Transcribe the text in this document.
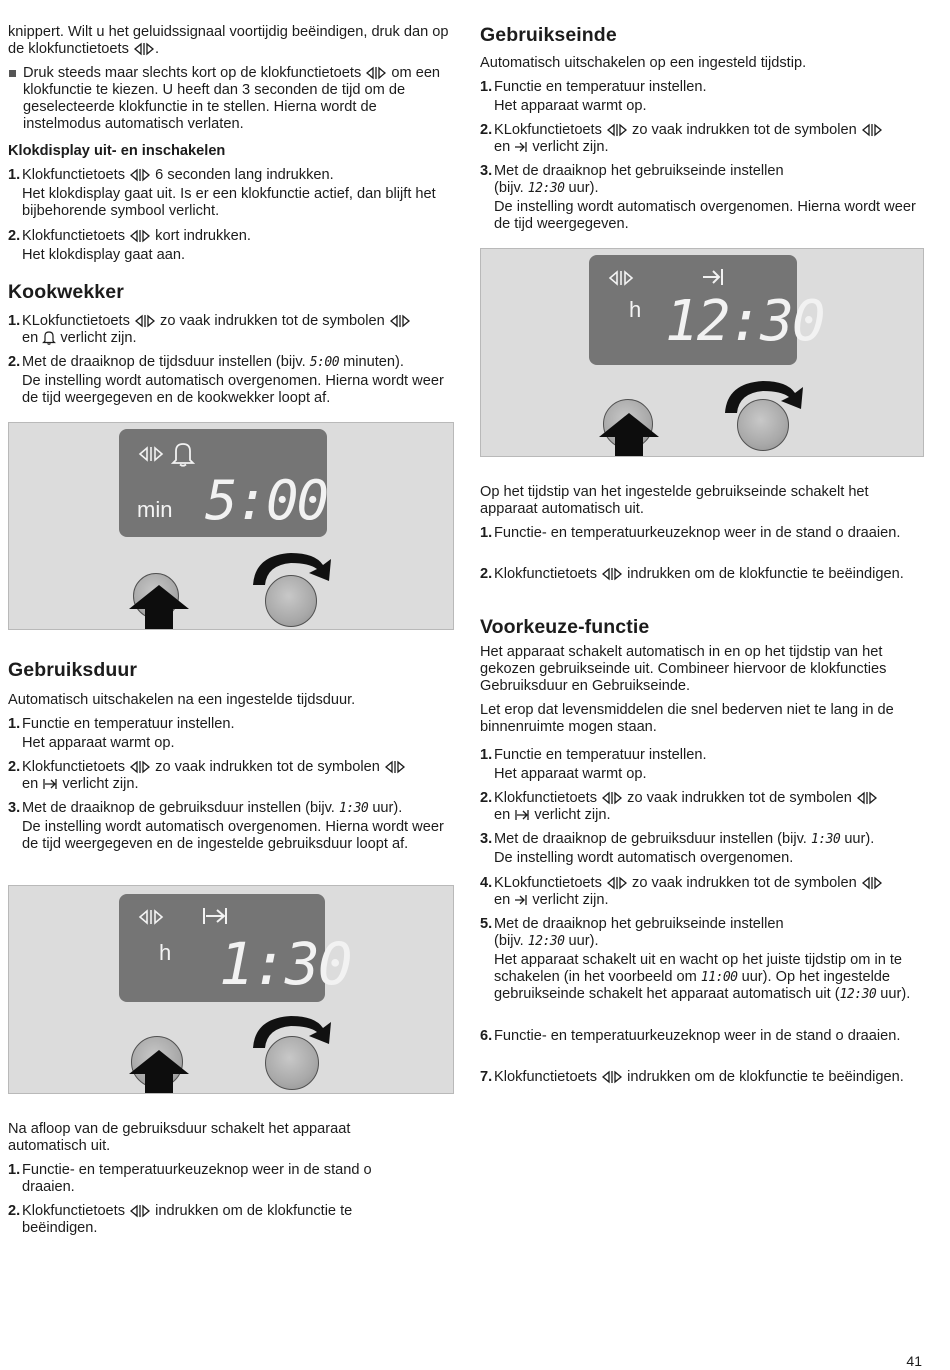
knippert. Wilt u het geluidssignaal voortijdig beëindigen, druk dan op de klokfunctietoets .
Druk steeds maar slechts kort op de klokfunctietoets om een klokfunctie te kiezen. U heeft dan 3 seconden de tijd om de geselecteerde klokfunctie in te stellen. Hierna wordt de instelmodus automatisch verlaten.
Klokdisplay uit- en inschakelen
1. Klokfunctietoets 6 seconden lang indrukken.
Het klokdisplay gaat uit. Is er een klokfunctie actief, dan blijft het bijbehorende symbool verlicht.
2. Klokfunctietoets kort indrukken.
Het klokdisplay gaat aan.
Kookwekker
1. KLokfunctietoets zo vaak indrukken tot de symbolen
en verlicht zijn.
2. Met de draaiknop de tijdsduur instellen (bijv. 5:00 minuten).
De instelling wordt automatisch overgenomen. Hierna wordt weer de tijd weergegeven en de kookwekker loopt af.
min 5:00
Gebruiksduur

Automatisch uitschakelen na een ingestelde tijdsduur.

1. Functie en temperatuur instellen.
Het apparaat warmt op.
2. Klokfunctietoets zo vaak indrukken tot de symbolen
en verlicht zijn.
3. Met de draaiknop de gebruiksduur instellen (bijv. 1:30 uur).
De instelling wordt automatisch overgenomen. Hierna wordt weer de tijd weergegeven en de ingestelde gebruiksduur loopt af.
h 1:30

Na afloop van de gebruiksduur schakelt het apparaat automatisch uit.

1. Functie- en temperatuurkeuzeknop weer in de stand o draaien.
2. Klokfunctietoets indrukken om de klokfunctie te beëindigen.
Gebruikseinde

Automatisch uitschakelen op een ingesteld tijdstip.

1. Functie en temperatuur instellen.
Het apparaat warmt op.
2. KLokfunctietoets zo vaak indrukken tot de symbolen
en verlicht zijn.
3. Met de draaiknop het gebruikseinde instellen
(bijv. 12:30 uur).
De instelling wordt automatisch overgenomen. Hierna wordt weer de tijd weergegeven.
h 12:30

Op het tijdstip van het ingestelde gebruikseinde schakelt het apparaat automatisch uit.

1. Functie- en temperatuurkeuzeknop weer in de stand o draaien.
2. Klokfunctietoets indrukken om de klokfunctie te beëindigen.
Voorkeuze-functie

Het apparaat schakelt automatisch in en op het tijdstip van het gekozen gebruikseinde uit. Combineer hiervoor de klokfuncties Gebruiksduur en Gebruikseinde.

Let erop dat levensmiddelen die snel bederven niet te lang in de binnenruimte mogen staan.

1. Functie en temperatuur instellen.
Het apparaat warmt op.
2. Klokfunctietoets zo vaak indrukken tot de symbolen
en verlicht zijn.
3. Met de draaiknop de gebruiksduur instellen (bijv. 1:30 uur).
De instelling wordt automatisch overgenomen.
4. KLokfunctietoets zo vaak indrukken tot de symbolen
en verlicht zijn.
5. Met de draaiknop het gebruikseinde instellen
(bijv. 12:30 uur).
Het apparaat schakelt uit en wacht op het juiste tijdstip om in te schakelen (in het voorbeeld om 11:00 uur). Op het ingestelde gebruikseinde schakelt het apparaat automatisch uit (12:30 uur).
6. Functie- en temperatuurkeuzeknop weer in de stand o draaien.
7. Klokfunctietoets indrukken om de klokfunctie te beëindigen.
41
